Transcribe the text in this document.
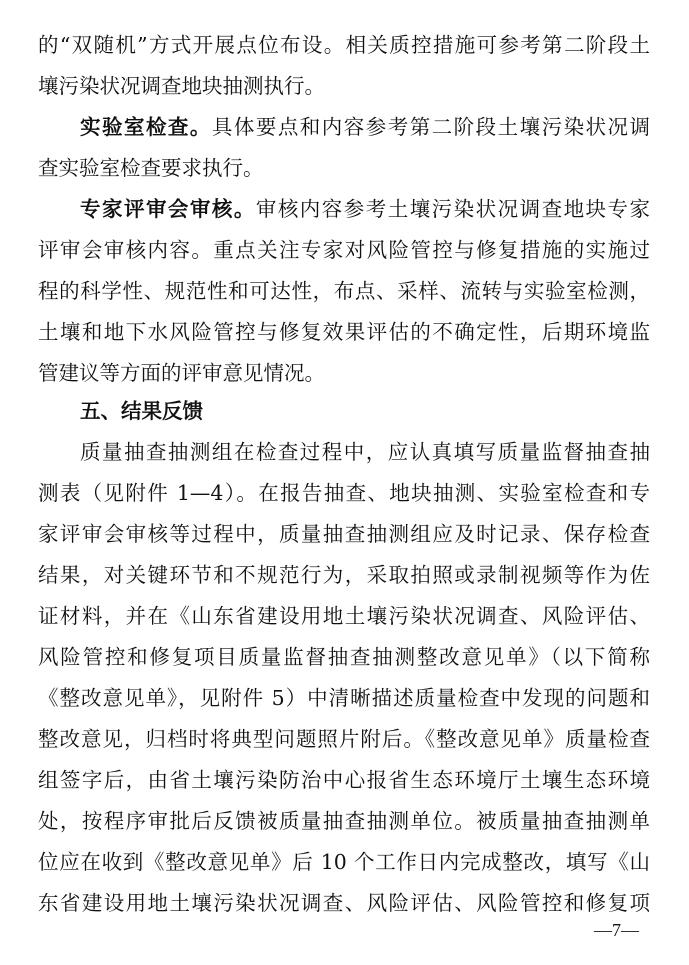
的“双随机”方式开展点位布设。相关质控措施可参考第二阶段土
壤污染状况调查地块抽测执行。
实验室检查。具体要点和内容参考第二阶段土壤污染状况调
查实验室检查要求执行。
专家评审会审核。审核内容参考土壤污染状况调查地块专家
评审会审核内容。重点关注专家对风险管控与修复措施的实施过
程的科学性、规范性和可达性，布点、采样、流转与实验室检测，
土壤和地下水风险管控与修复效果评估的不确定性，后期环境监
管建议等方面的评审意见情况。
五、结果反馈
质量抽查抽测组在检查过程中，应认真填写质量监督抽查抽
测表（见附件 1—4）。在报告抽查、地块抽测、实验室检查和专
家评审会审核等过程中，质量抽查抽测组应及时记录、保存检查
结果，对关键环节和不规范行为，采取拍照或录制视频等作为佐
证材料，并在《山东省建设用地土壤污染状况调查、风险评估、
风险管控和修复项目质量监督抽查抽测整改意见单》（以下简称
《整改意见单》，见附件 5）中清晰描述质量检查中发现的问题和
整改意见，归档时将典型问题照片附后。《整改意见单》质量检查
组签字后，由省土壤污染防治中心报省生态环境厅土壤生态环境
处，按程序审批后反馈被质量抽查抽测单位。被质量抽查抽测单
位应在收到《整改意见单》后 10 个工作日内完成整改，填写《山
东省建设用地土壤污染状况调查、风险评估、风险管控和修复项
—7—
